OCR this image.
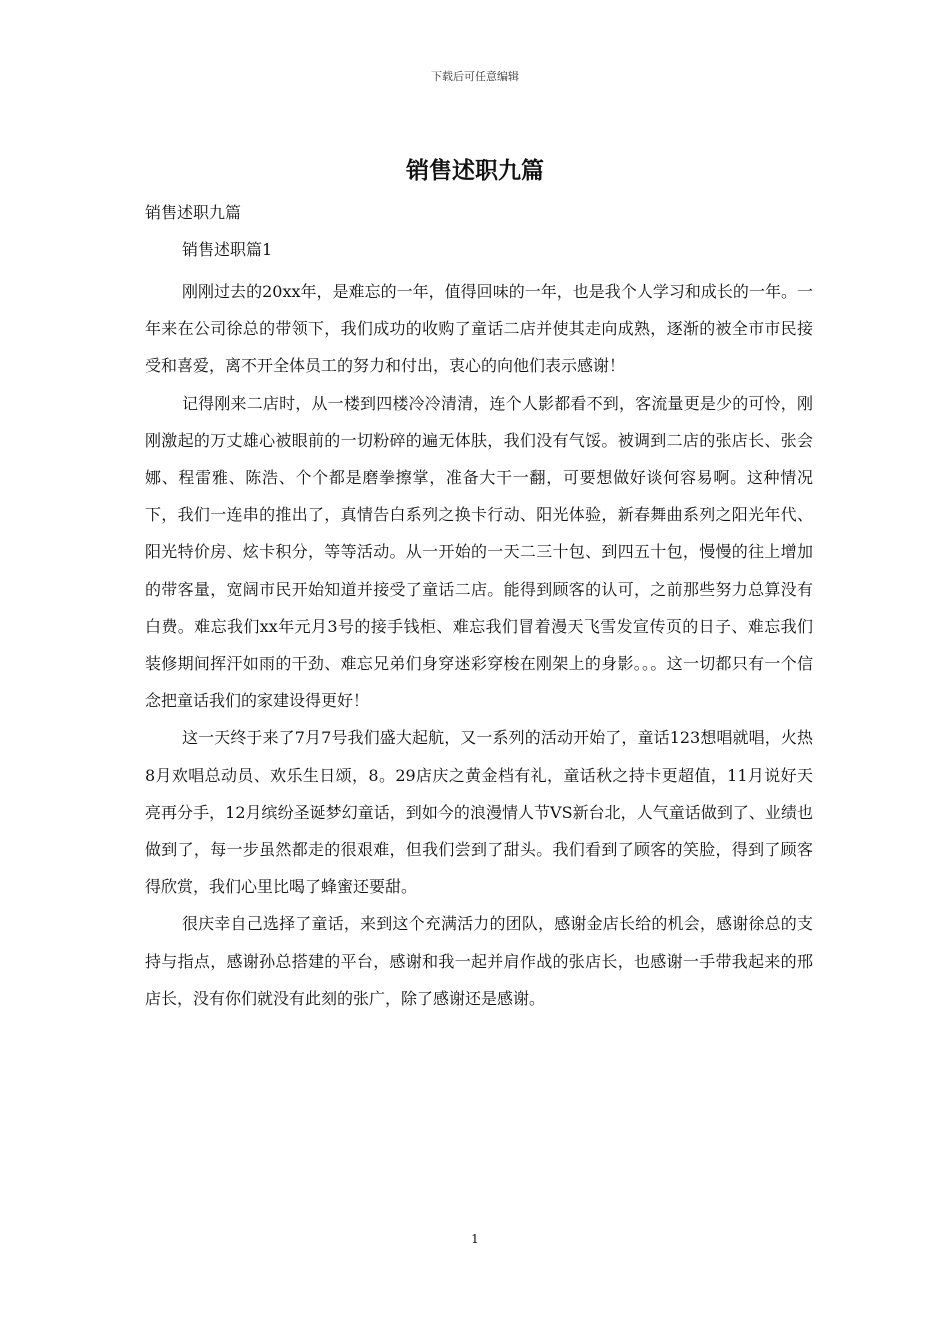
下载后可任意编辑
销售述职九篇
销售述职九篇
销售述职篇1

刚刚过去的20xx年，是难忘的一年，值得回味的一年，也是我个人学习和成长的一年。一年来在公司徐总的带领下，我们成功的收购了童话二店并使其走向成熟，逐渐的被全市市民接受和喜爱，离不开全体员工的努力和付出，衷心的向他们表示感谢！

记得刚来二店时，从一楼到四楼冷冷清清，连个人影都看不到，客流量更是少的可怜，刚刚激起的万丈雄心被眼前的一切粉碎的遍无体肤，我们没有气馁。被调到二店的张店长、张会娜、程雷雅、陈浩、个个都是磨拳擦掌，准备大干一翻，可要想做好谈何容易啊。这种情况下，我们一连串的推出了，真情告白系列之换卡行动、阳光体验，新春舞曲系列之阳光年代、阳光特价房、炫卡积分，等等活动。从一开始的一天二三十包、到四五十包，慢慢的往上增加的带客量，宽阔市民开始知道并接受了童话二店。能得到顾客的认可，之前那些努力总算没有白费。难忘我们xx年元月3号的接手钱柜、难忘我们冒着漫天飞雪发宣传页的日子、难忘我们装修期间挥汗如雨的干劲、难忘兄弟们身穿迷彩穿梭在刚架上的身影。。。这一切都只有一个信念把童话我们的家建设得更好！

这一天终于来了7月7号我们盛大起航，又一系列的活动开始了，童话123想唱就唱，火热8月欢唱总动员、欢乐生日颂，8。29店庆之黄金档有礼，童话秋之持卡更超值，11月说好天亮再分手，12月缤纷圣诞梦幻童话，到如今的浪漫情人节VS新台北，人气童话做到了、业绩也做到了，每一步虽然都走的很艰难，但我们尝到了甜头。我们看到了顾客的笑脸，得到了顾客得欣赏，我们心里比喝了蜂蜜还要甜。

很庆幸自己选择了童话，来到这个充满活力的团队，感谢金店长给的机会，感谢徐总的支持与指点，感谢孙总搭建的平台，感谢和我一起并肩作战的张店长，也感谢一手带我起来的邢店长，没有你们就没有此刻的张广，除了感谢还是感谢。

1
